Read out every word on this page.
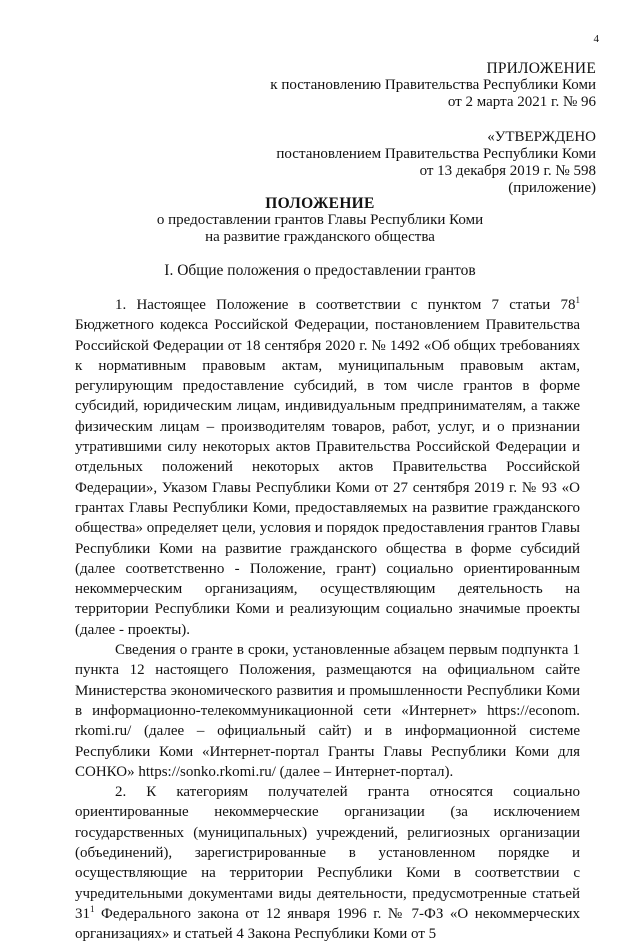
4
ПРИЛОЖЕНИЕ
к постановлению Правительства Республики Коми
от 2 марта 2021 г. № 96
«УТВЕРЖДЕНО
постановлением Правительства Республики Коми
от 13 декабря 2019 г. № 598
(приложение)
ПОЛОЖЕНИЕ
о предоставлении грантов Главы Республики Коми
на развитие гражданского общества
I. Общие положения о предоставлении грантов

1. Настоящее Положение в соответствии с пунктом 7 статьи $78^1$ Бюджетного кодекса Российской Федерации, постановлением Правительства Российской Федерации от 18 сентября 2020 г. № 1492 «Об общих требованиях к нормативным правовым актам, муниципальным правовым актам, регулирующим предоставление субсидий, в том числе грантов в форме субсидий, юридическим лицам, индивидуальным предпринимателям, а также физическим лицам – производителям товаров, работ, услуг, и о признании утратившими силу некоторых актов Правительства Российской Федерации и отдельных положений некоторых актов Правительства Российской Федерации», Указом Главы Республики Коми от 27 сентября 2019 г. № 93 «О грантах Главы Республики Коми, предоставляемых на развитие гражданского общества» определяет цели, условия и порядок предоставления грантов Главы Республики Коми на развитие гражданского общества в форме субсидий (далее соответственно - Положение, грант) социально ориентированным некоммерческим организациям, осуществляющим деятельность на территории Республики Коми и реализующим социально значимые проекты (далее - проекты).

Сведения о гранте в сроки, установленные абзацем первым подпункта 1 пункта 12 настоящего Положения, размещаются на официальном сайте Министерства экономического развития и промышленности Республики Коми в информационно-телекоммуникационной сети «Интернет» https://econom. rkomi.ru/ (далее – официальный сайт) и в информационной системе Республики Коми «Интернет-портал Гранты Главы Республики Коми для СОНКО» https://sonko.rkomi.ru/ (далее – Интернет-портал).

2. К категориям получателей гранта относятся социально ориентированные некоммерческие организации (за исключением государственных (муниципальных) учреждений, религиозных организации (объединений), зарегистрированные в установленном порядке и осуществляющие на территории Республики Коми в соответствии с учредительными документами виды деятельности, предусмотренные статьей $31^1$ Федерального закона от 12 января 1996 г. № 7-ФЗ «О некоммерческих организациях» и статьей 4 Закона Республики Коми от 5
